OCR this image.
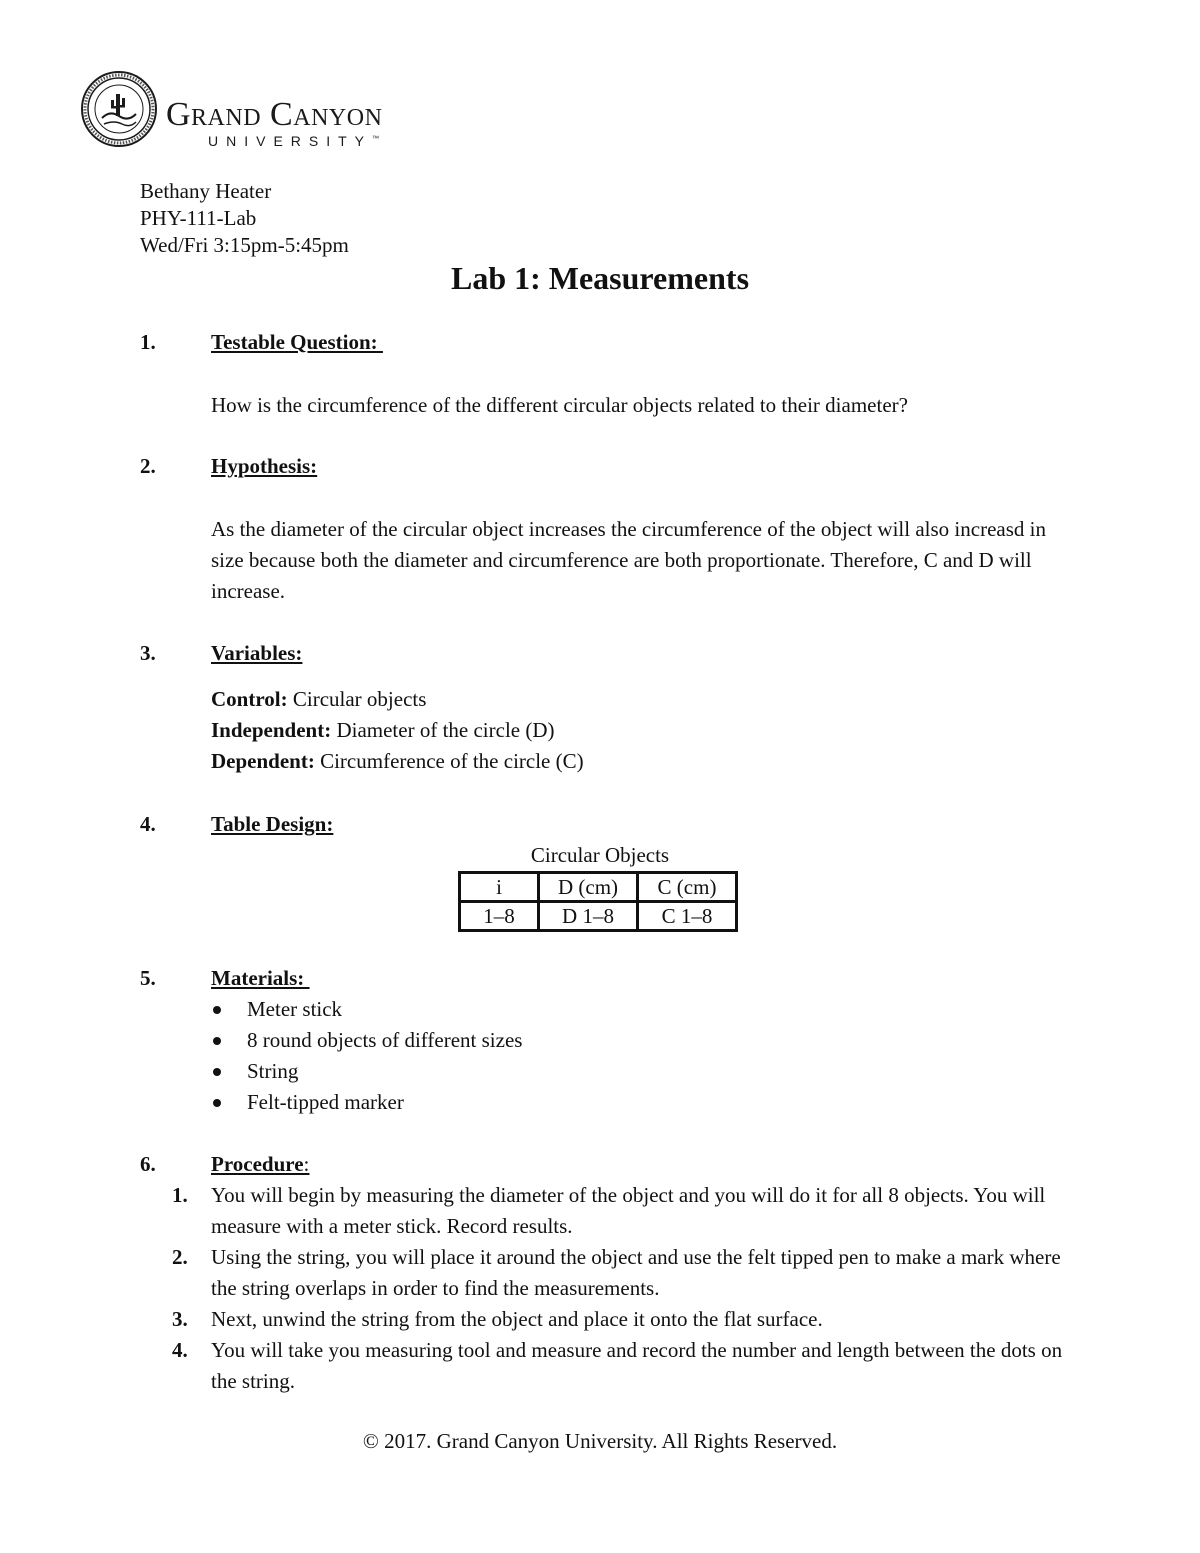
Grand Canyon
UNIVERSITY™
Bethany Heater
PHY-111-Lab
Wed/Fri 3:15pm-5:45pm
Lab 1: Measurements
1.	Testable Question:
How is the circumference of the different circular objects related to their diameter?
2.	Hypothesis:
As the diameter of the circular object increases the circumference of the object will also increasd in size because both the diameter and circumference are both proportionate. Therefore, C and D will increase.
3.	Variables:
Control: Circular objects
Independent: Diameter of the circle (D)
Dependent: Circumference of the circle (C)
4.	Table Design:
Circular Objects
i	D (cm)	C (cm)
1–8	D 1–8	C 1–8
5.	Materials:
Meter stick
8 round objects of different sizes
String
Felt-tipped marker
6.	Procedure:
1. You will begin by measuring the diameter of the object and you will do it for all 8 objects. You will measure with a meter stick. Record results.
2. Using the string, you will place it around the object and use the felt tipped pen to make a mark where the string overlaps in order to find the measurements.
3. Next, unwind the string from the object and place it onto the flat surface.
4. You will take you measuring tool and measure and record the number and length between the dots on the string.
© 2017. Grand Canyon University. All Rights Reserved.
